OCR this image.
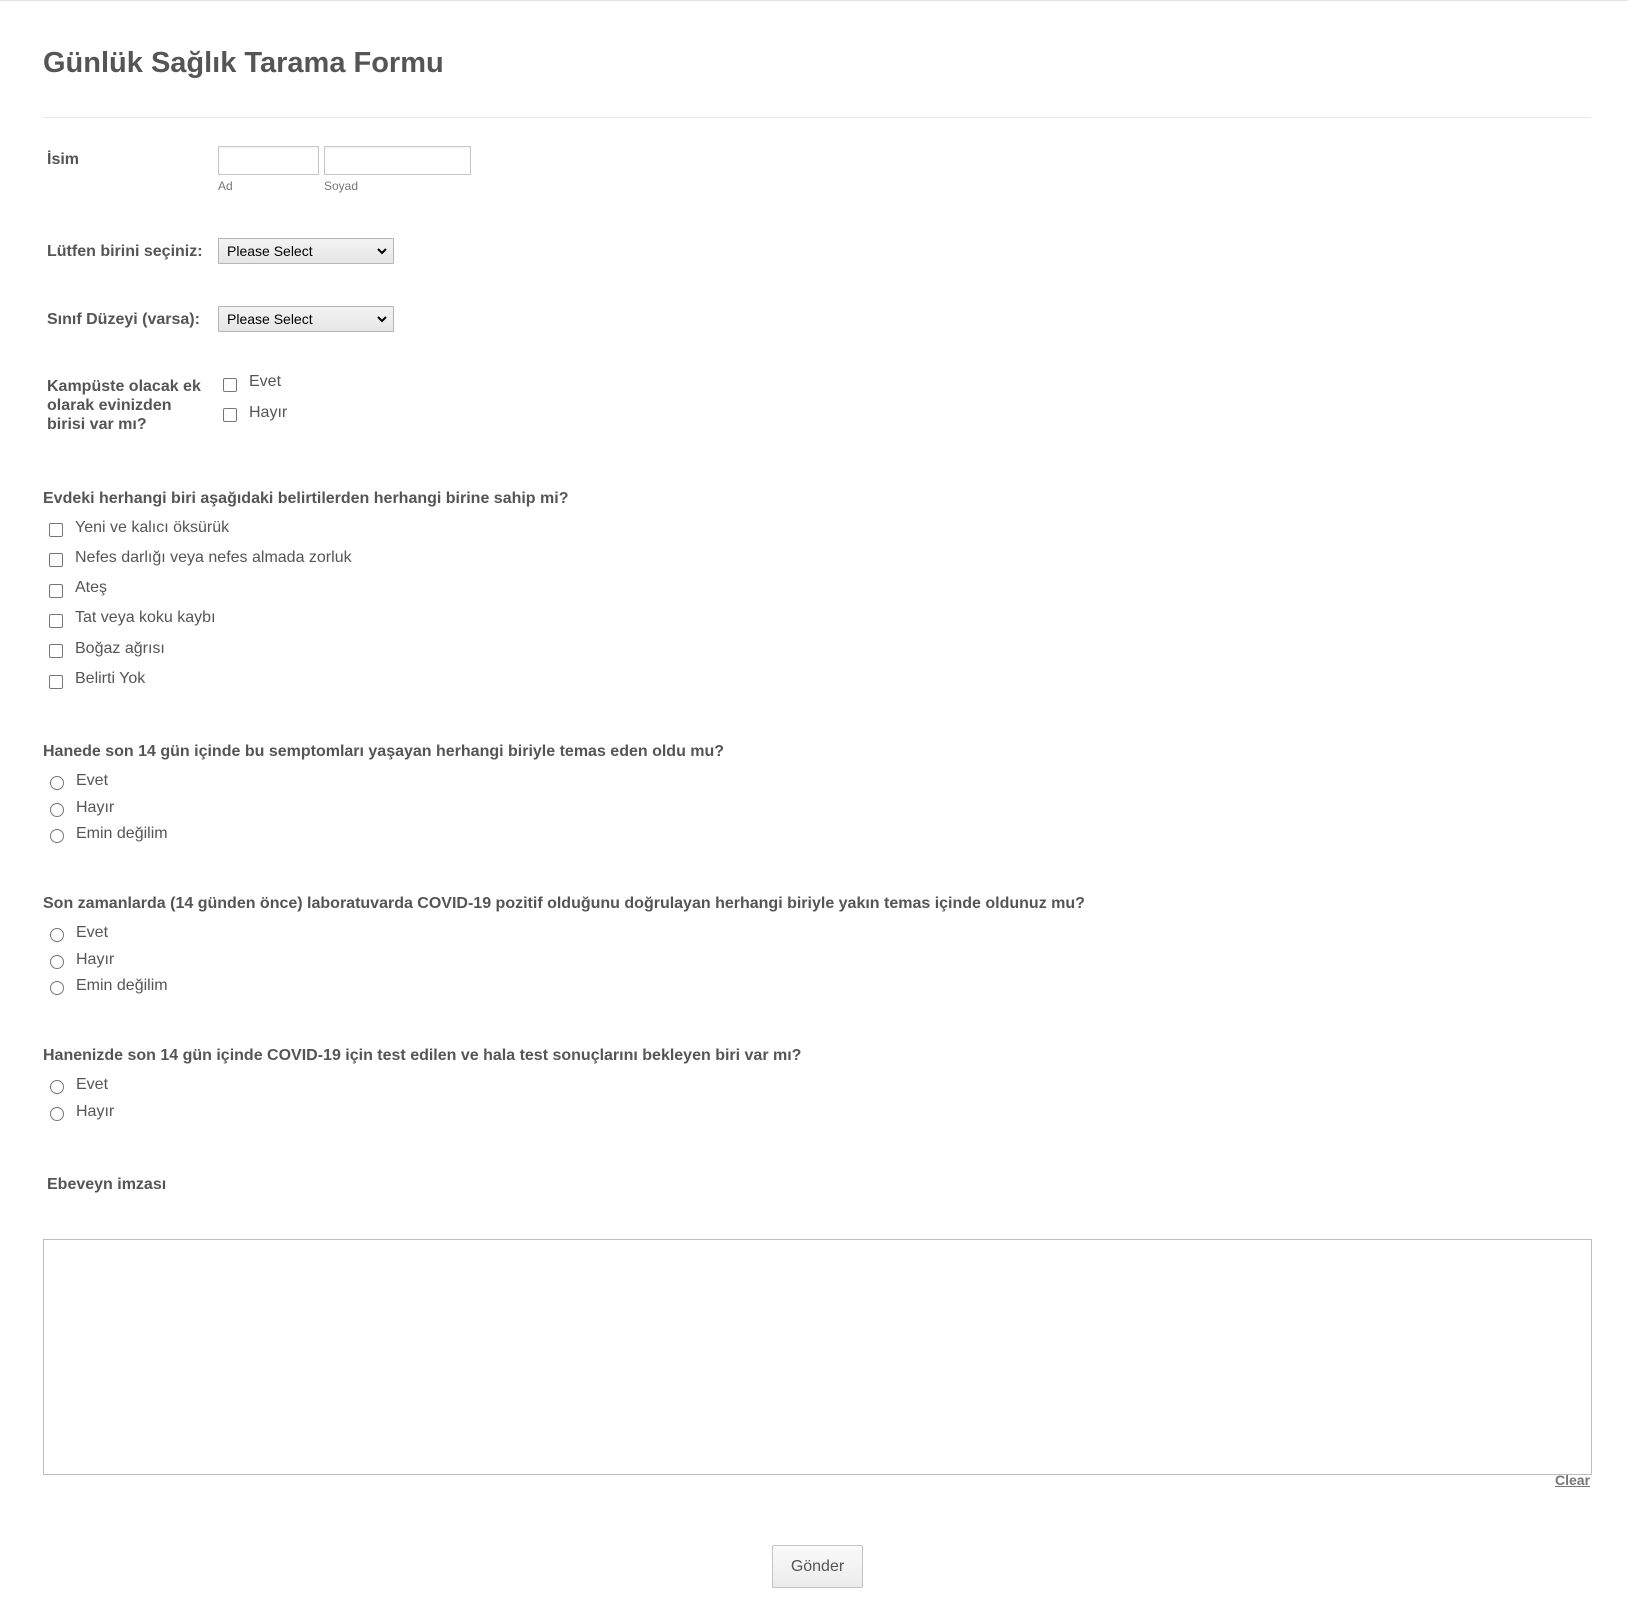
Günlük Sağlık Tarama Formu
İsim
Ad	Soyad
Lütfen birini seçiniz: Please Select
Sınıf Düzeyi (varsa): Please Select
Kampüste olacak ek
olarak evinizden
birisi var mı?
Evet
Hayır
Evdeki herhangi biri aşağıdaki belirtilerden herhangi birine sahip mi?
Yeni ve kalıcı öksürük
Nefes darlığı veya nefes almada zorluk
Ateş
Tat veya koku kaybı
Boğaz ağrısı
Belirti Yok
Hanede son 14 gün içinde bu semptomları yaşayan herhangi biriyle temas eden oldu mu?
Evet
Hayır
Emin değilim
Son zamanlarda (14 günden önce) laboratuvarda COVID-19 pozitif olduğunu doğrulayan herhangi biriyle yakın temas içinde oldunuz mu?
Evet
Hayır
Emin değilim
Hanenizde son 14 gün içinde COVID-19 için test edilen ve hala test sonuçlarını bekleyen biri var mı?
Evet
Hayır
Ebeveyn imzası
Clear
Gönder
